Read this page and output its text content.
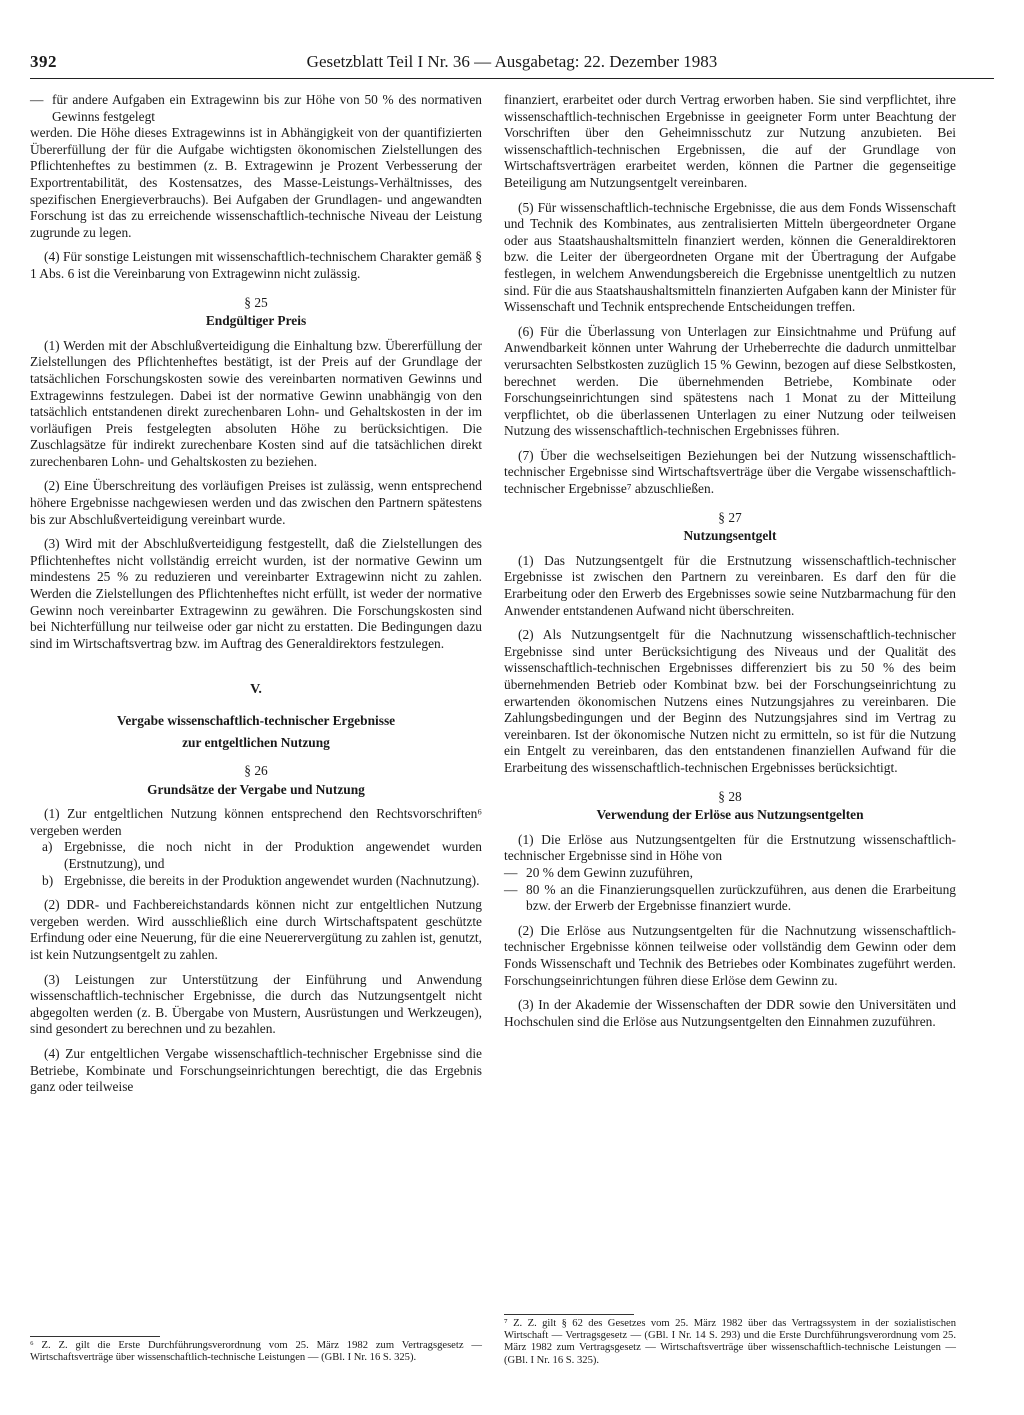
392	Gesetzblatt Teil I Nr. 36 — Ausgabetag: 22. Dezember 1983
— für andere Aufgaben ein Extragewinn bis zur Höhe von 50 % des normativen Gewinns festgelegt

werden. Die Höhe dieses Extragewinns ist in Abhängigkeit von der quantifizierten Übererfüllung der für die Aufgabe wichtigsten ökonomischen Zielstellungen des Pflichtenheftes zu bestimmen (z. B. Extragewinn je Prozent Verbesserung der Exportrentabilität, des Kostensatzes, des Masse-Leistungs-Verhältnisses, des spezifischen Energieverbrauchs). Bei Aufgaben der Grundlagen- und angewandten Forschung ist das zu erreichende wissenschaftlich-technische Niveau der Leistung zugrunde zu legen.

(4) Für sonstige Leistungen mit wissenschaftlich-technischem Charakter gemäß § 1 Abs. 6 ist die Vereinbarung von Extragewinn nicht zulässig.

§ 25
Endgültiger Preis

(1) Werden mit der Abschlußverteidigung die Einhaltung bzw. Übererfüllung der Zielstellungen des Pflichtenheftes bestätigt, ist der Preis auf der Grundlage der tatsächlichen Forschungskosten sowie des vereinbarten normativen Gewinns und Extragewinns festzulegen. Dabei ist der normative Gewinn unabhängig von den tatsächlich entstandenen direkt zurechenbaren Lohn- und Gehaltskosten in der im vorläufigen Preis festgelegten absoluten Höhe zu berücksichtigen. Die Zuschlagsätze für indirekt zurechenbare Kosten sind auf die tatsächlichen direkt zurechenbaren Lohn- und Gehaltskosten zu beziehen.

(2) Eine Überschreitung des vorläufigen Preises ist zulässig, wenn entsprechend höhere Ergebnisse nachgewiesen werden und das zwischen den Partnern spätestens bis zur Abschlußverteidigung vereinbart wurde.

(3) Wird mit der Abschlußverteidigung festgestellt, daß die Zielstellungen des Pflichtenheftes nicht vollständig erreicht wurden, ist der normative Gewinn um mindestens 25 % zu reduzieren und vereinbarter Extragewinn nicht zu zahlen. Werden die Zielstellungen des Pflichtenheftes nicht erfüllt, ist weder der normative Gewinn noch vereinbarter Extragewinn zu gewähren. Die Forschungskosten sind bei Nichterfüllung nur teilweise oder gar nicht zu erstatten. Die Bedingungen dazu sind im Wirtschaftsvertrag bzw. im Auftrag des Generaldirektors festzulegen.

V.
Vergabe wissenschaftlich-technischer Ergebnisse
zur entgeltlichen Nutzung
§ 26
Grundsätze der Vergabe und Nutzung

(1) Zur entgeltlichen Nutzung können entsprechend den Rechtsvorschriften⁶ vergeben werden

a) Ergebnisse, die noch nicht in der Produktion angewendet wurden (Erstnutzung), und
b) Ergebnisse, die bereits in der Produktion angewendet wurden (Nachnutzung).

(2) DDR- und Fachbereichstandards können nicht zur entgeltlichen Nutzung vergeben werden. Wird ausschließlich eine durch Wirtschaftspatent geschützte Erfindung oder eine Neuerung, für die eine Neuerervergütung zu zahlen ist, genutzt, ist kein Nutzungsentgelt zu zahlen.

(3) Leistungen zur Unterstützung der Einführung und Anwendung wissenschaftlich-technischer Ergebnisse, die durch das Nutzungsentgelt nicht abgegolten werden (z. B. Übergabe von Mustern, Ausrüstungen und Werkzeugen), sind gesondert zu berechnen und zu bezahlen.

(4) Zur entgeltlichen Vergabe wissenschaftlich-technischer Ergebnisse sind die Betriebe, Kombinate und Forschungseinrichtungen berechtigt, die das Ergebnis ganz oder teilweise

⁶ Z. Z. gilt die Erste Durchführungsverordnung vom 25. März 1982 zum Vertragsgesetz — Wirtschaftsverträge über wissenschaftlich-technische Leistungen — (GBl. I Nr. 16 S. 325).

finanziert, erarbeitet oder durch Vertrag erworben haben. Sie sind verpflichtet, ihre wissenschaftlich-technischen Ergebnisse in geeigneter Form unter Beachtung der Vorschriften über den Geheimnisschutz zur Nutzung anzubieten. Bei wissenschaftlich-technischen Ergebnissen, die auf der Grundlage von Wirtschaftsverträgen erarbeitet werden, können die Partner die gegenseitige Beteiligung am Nutzungsentgelt vereinbaren.

(5) Für wissenschaftlich-technische Ergebnisse, die aus dem Fonds Wissenschaft und Technik des Kombinates, aus zentralisierten Mitteln übergeordneter Organe oder aus Staatshaushaltsmitteln finanziert werden, können die Generaldirektoren bzw. die Leiter der übergeordneten Organe mit der Übertragung der Aufgabe festlegen, in welchem Anwendungsbereich die Ergebnisse unentgeltlich zu nutzen sind. Für die aus Staatshaushaltsmitteln finanzierten Aufgaben kann der Minister für Wissenschaft und Technik entsprechende Entscheidungen treffen.

(6) Für die Überlassung von Unterlagen zur Einsichtnahme und Prüfung auf Anwendbarkeit können unter Wahrung der Urheberrechte die dadurch unmittelbar verursachten Selbstkosten zuzüglich 15 % Gewinn, bezogen auf diese Selbstkosten, berechnet werden. Die übernehmenden Betriebe, Kombinate oder Forschungseinrichtungen sind spätestens nach 1 Monat zu der Mitteilung verpflichtet, ob die überlassenen Unterlagen zu einer Nutzung oder teilweisen Nutzung des wissenschaftlich-technischen Ergebnisses führen.

(7) Über die wechselseitigen Beziehungen bei der Nutzung wissenschaftlich-technischer Ergebnisse sind Wirtschaftsverträge über die Vergabe wissenschaftlich-technischer Ergebnisse⁷ abzuschließen.

§ 27
Nutzungsentgelt

(1) Das Nutzungsentgelt für die Erstnutzung wissenschaftlich-technischer Ergebnisse ist zwischen den Partnern zu vereinbaren. Es darf den für die Erarbeitung oder den Erwerb des Ergebnisses sowie seine Nutzbarmachung für den Anwender entstandenen Aufwand nicht überschreiten.

(2) Als Nutzungsentgelt für die Nachnutzung wissenschaftlich-technischer Ergebnisse sind unter Berücksichtigung des Niveaus und der Qualität des wissenschaftlich-technischen Ergebnisses differenziert bis zu 50 % des beim übernehmenden Betrieb oder Kombinat bzw. bei der Forschungseinrichtung zu erwartenden ökonomischen Nutzens eines Nutzungsjahres zu vereinbaren. Die Zahlungsbedingungen und der Beginn des Nutzungsjahres sind im Vertrag zu vereinbaren. Ist der ökonomische Nutzen nicht zu ermitteln, so ist für die Nutzung ein Entgelt zu vereinbaren, das den entstandenen finanziellen Aufwand für die Erarbeitung des wissenschaftlich-technischen Ergebnisses berücksichtigt.

§ 28
Verwendung der Erlöse aus Nutzungsentgelten

(1) Die Erlöse aus Nutzungsentgelten für die Erstnutzung wissenschaftlich-technischer Ergebnisse sind in Höhe von

— 20 % dem Gewinn zuzuführen,
— 80 % an die Finanzierungsquellen zurückzuführen, aus denen die Erarbeitung bzw. der Erwerb der Ergebnisse finanziert wurde.

(2) Die Erlöse aus Nutzungsentgelten für die Nachnutzung wissenschaftlich-technischer Ergebnisse können teilweise oder vollständig dem Gewinn oder dem Fonds Wissenschaft und Technik des Betriebes oder Kombinates zugeführt werden. Forschungseinrichtungen führen diese Erlöse dem Gewinn zu.

(3) In der Akademie der Wissenschaften der DDR sowie den Universitäten und Hochschulen sind die Erlöse aus Nutzungsentgelten den Einnahmen zuzuführen.

⁷ Z. Z. gilt § 62 des Gesetzes vom 25. März 1982 über das Vertragssystem in der sozialistischen Wirtschaft — Vertragsgesetz — (GBl. I Nr. 14 S. 293) und die Erste Durchführungsverordnung vom 25. März 1982 zum Vertragsgesetz — Wirtschaftsverträge über wissenschaftlich-technische Leistungen — (GBl. I Nr. 16 S. 325).
